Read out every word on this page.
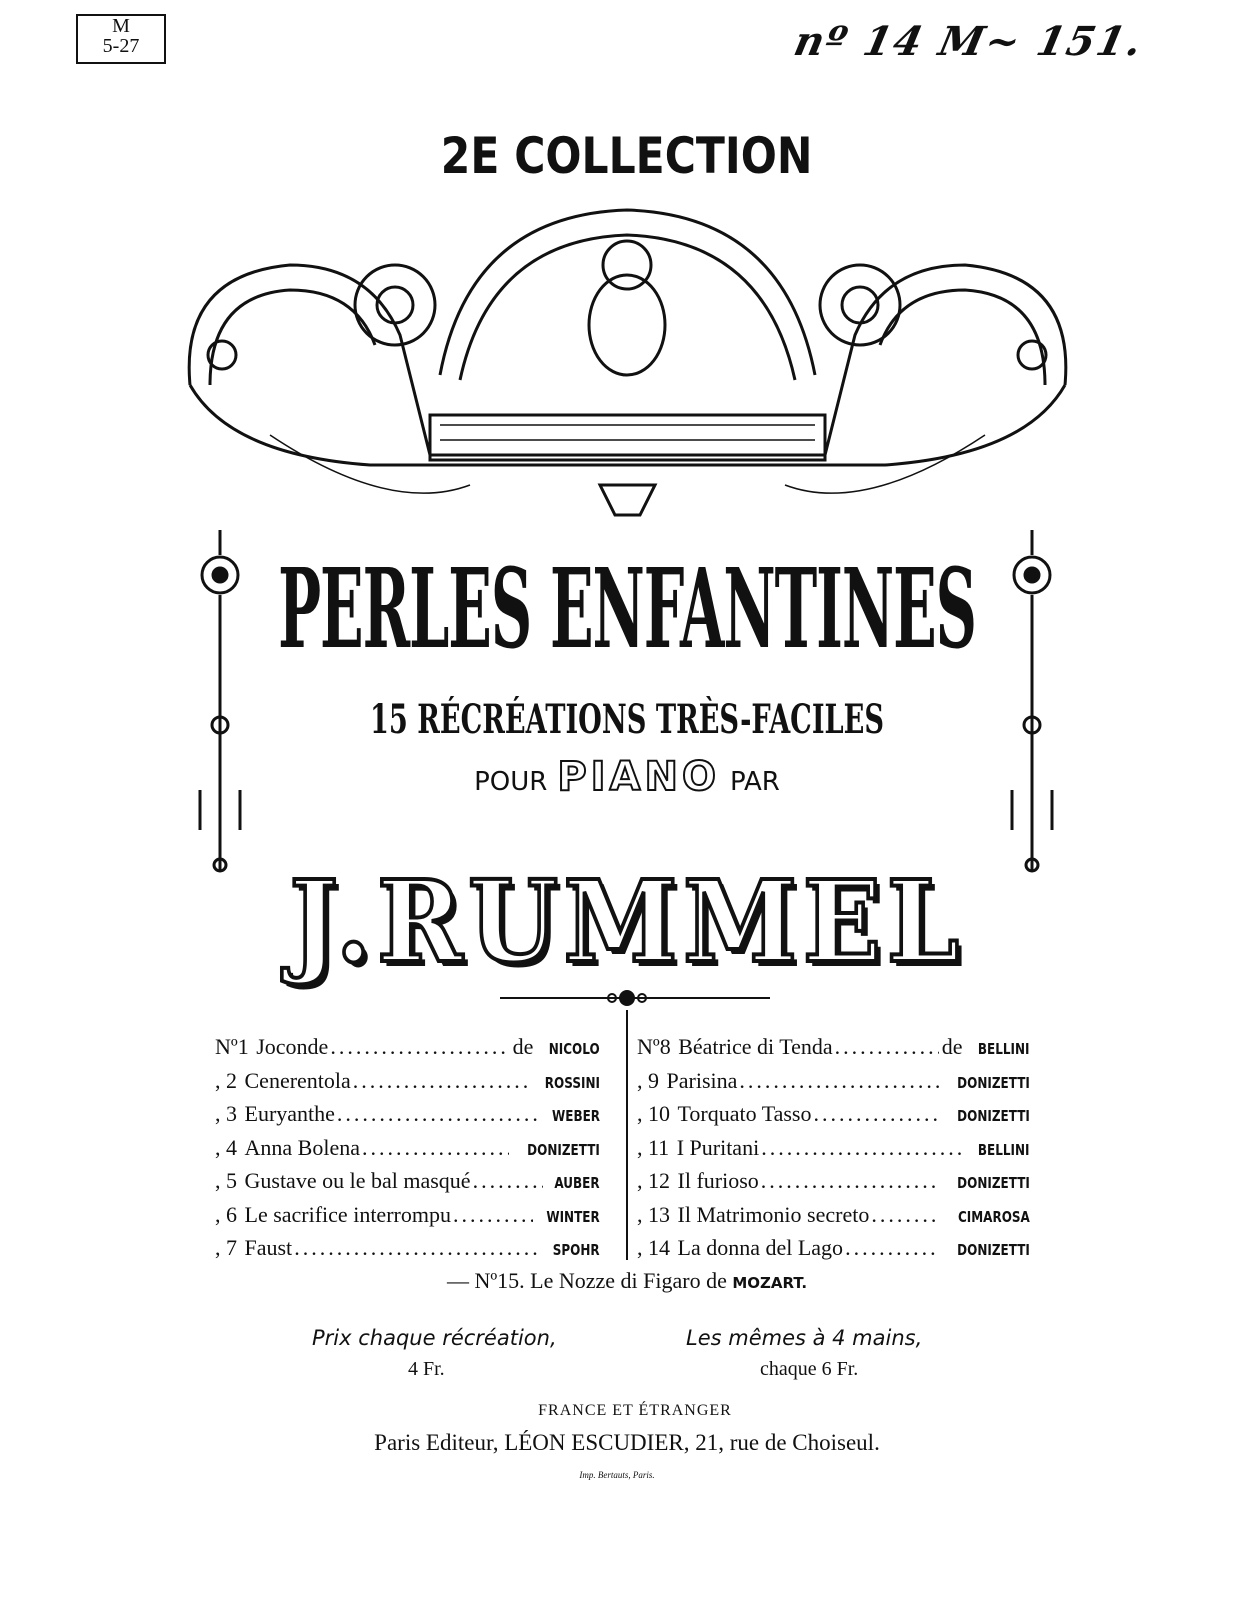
M
5-27	nº 14 M~ 151.
2E COLLECTION
PERLES ENFANTINES
15 RÉCRÉATIONS TRÈS-FACILES
POUR PIANO PAR
J.RUMMEL
Nº1
Joconde .....	de NICOLO
, 2
Cenerentola .....	ROSSINI
, 3
Euryanthe .....	WEBER
, 4
Anna Bolena .....	DONIZETTI
, 5
Gustave ou le bal masqué .....	AUBER
, 6
Le sacrifice interrompu .....	WINTER
, 7
Faust .....	SPOHR
Nº8
Béatrice di Tenda .....	de BELLINI
, 9
Parisina .....	DONIZETTI
, 10
Torquato Tasso .....	DONIZETTI
, 11
I Puritani .....	BELLINI
, 12
Il furioso .....	DONIZETTI
, 13
Il Matrimonio secreto .....	CIMAROSA
, 14
La donna del Lago .....	DONIZETTI
— Nº15. Le Nozze di Figaro de MOZART.
Prix chaque récréation,
4 Fr.
Les mêmes à 4 mains,
chaque 6 Fr.
FRANCE ET ÉTRANGER
Paris Editeur, LÉON ESCUDIER, 21, rue de Choiseul.
Imp. Bertauts, Paris.
